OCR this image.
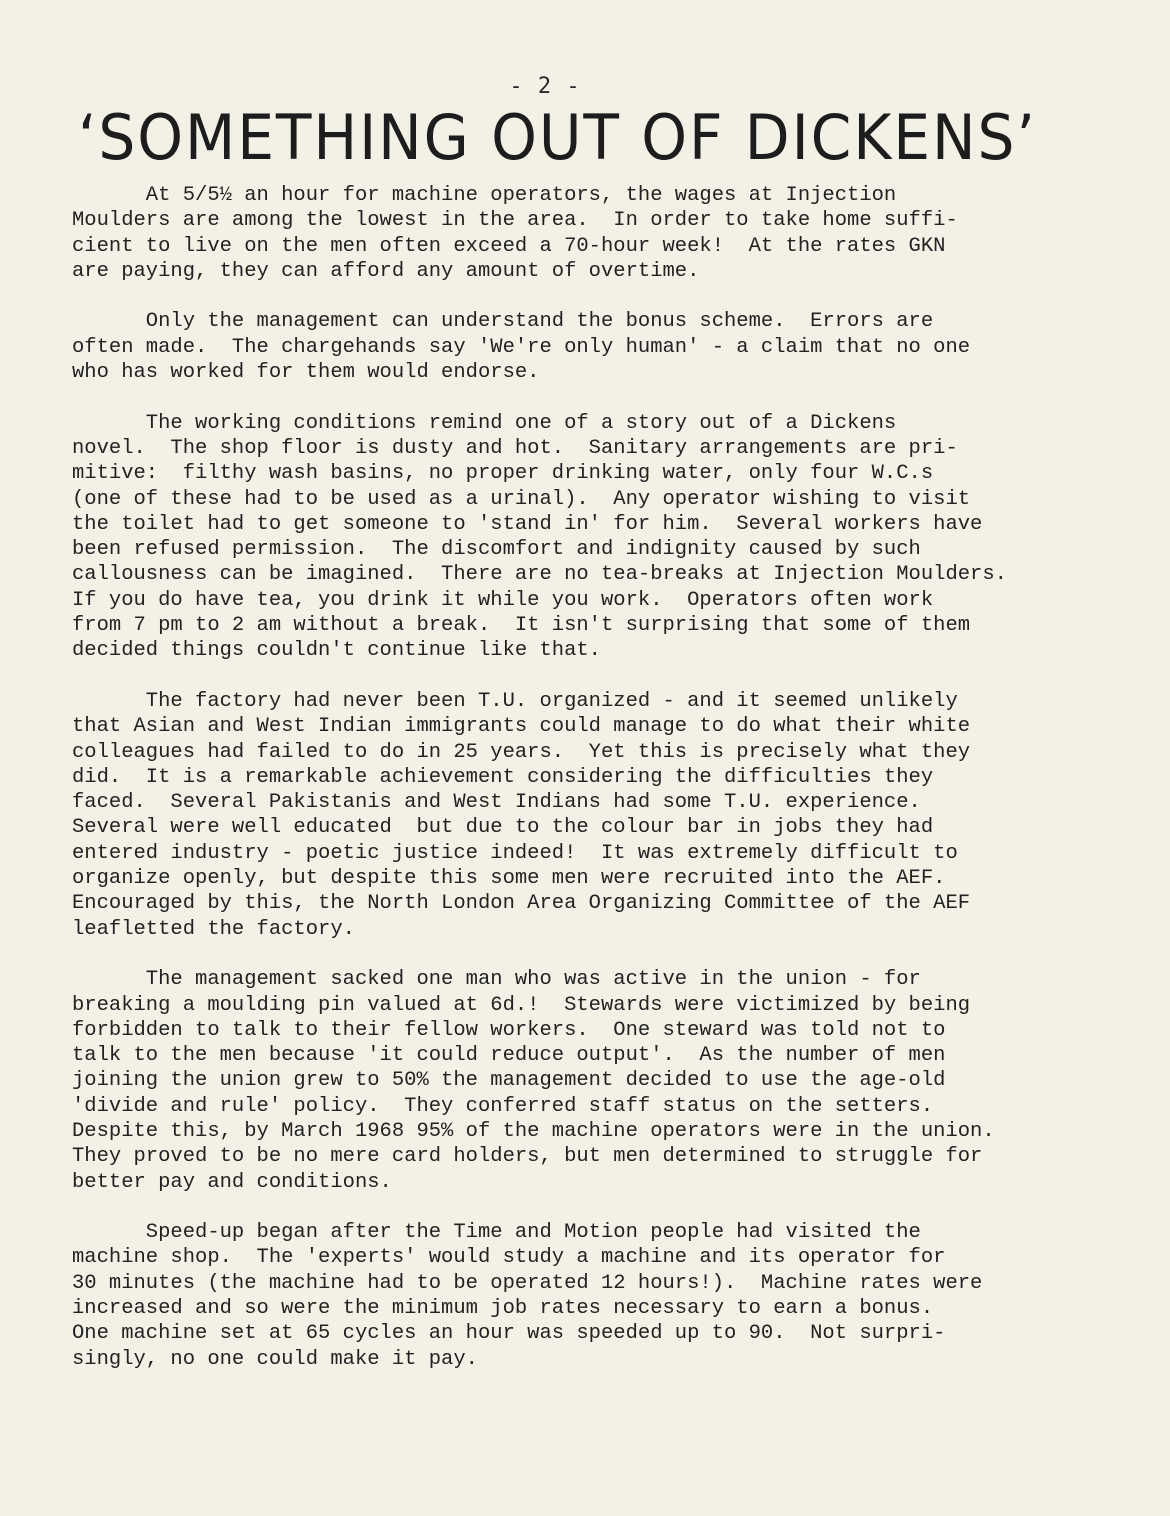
- 2 -
‘SOMETHING OUT OF DICKENS’
At 5/5½ an hour for machine operators, the wages at Injection
Moulders are among the lowest in the area.  In order to take home suffi-
cient to live on the men often exceed a 70-hour week!  At the rates GKN
are paying, they can afford any amount of overtime.
Only the management can understand the bonus scheme.  Errors are
often made.  The chargehands say 'We're only human' - a claim that no one
who has worked for them would endorse.
The working conditions remind one of a story out of a Dickens
novel.  The shop floor is dusty and hot.  Sanitary arrangements are pri-
mitive:  filthy wash basins, no proper drinking water, only four W.C.s
(one of these had to be used as a urinal).  Any operator wishing to visit
the toilet had to get someone to 'stand in' for him.  Several workers have
been refused permission.  The discomfort and indignity caused by such
callousness can be imagined.  There are no tea-breaks at Injection Moulders.
If you do have tea, you drink it while you work.  Operators often work
from 7 pm to 2 am without a break.  It isn't surprising that some of them
decided things couldn't continue like that.
The factory had never been T.U. organized - and it seemed unlikely
that Asian and West Indian immigrants could manage to do what their white
colleagues had failed to do in 25 years.  Yet this is precisely what they
did.  It is a remarkable achievement considering the difficulties they
faced.  Several Pakistanis and West Indians had some T.U. experience.
Several were well educated  but due to the colour bar in jobs they had
entered industry - poetic justice indeed!  It was extremely difficult to
organize openly, but despite this some men were recruited into the AEF.
Encouraged by this, the North London Area Organizing Committee of the AEF
leafletted the factory.
The management sacked one man who was active in the union - for
breaking a moulding pin valued at 6d.!  Stewards were victimized by being
forbidden to talk to their fellow workers.  One steward was told not to
talk to the men because 'it could reduce output'.  As the number of men
joining the union grew to 50% the management decided to use the age-old
'divide and rule' policy.  They conferred staff status on the setters.
Despite this, by March 1968 95% of the machine operators were in the union.
They proved to be no mere card holders, but men determined to struggle for
better pay and conditions.
Speed-up began after the Time and Motion people had visited the
machine shop.  The 'experts' would study a machine and its operator for
30 minutes (the machine had to be operated 12 hours!).  Machine rates were
increased and so were the minimum job rates necessary to earn a bonus.
One machine set at 65 cycles an hour was speeded up to 90.  Not surpri-
singly, no one could make it pay.
